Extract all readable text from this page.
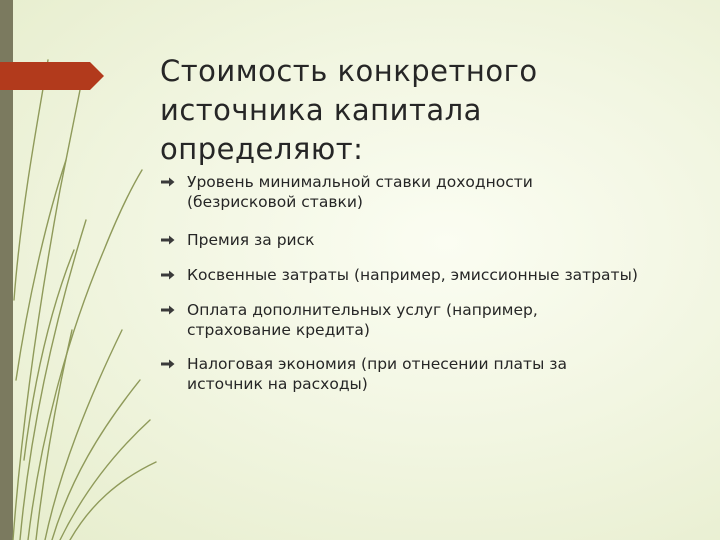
Стоимость конкретного источника капитала определяют:
Уровень минимальной ставки доходности (безрисковой ставки)
Премия за риск
Косвенные затраты (например, эмиссионные затраты)
Оплата дополнительных услуг (например, страхование кредита)
Налоговая экономия (при отнесении платы за источник на расходы)
